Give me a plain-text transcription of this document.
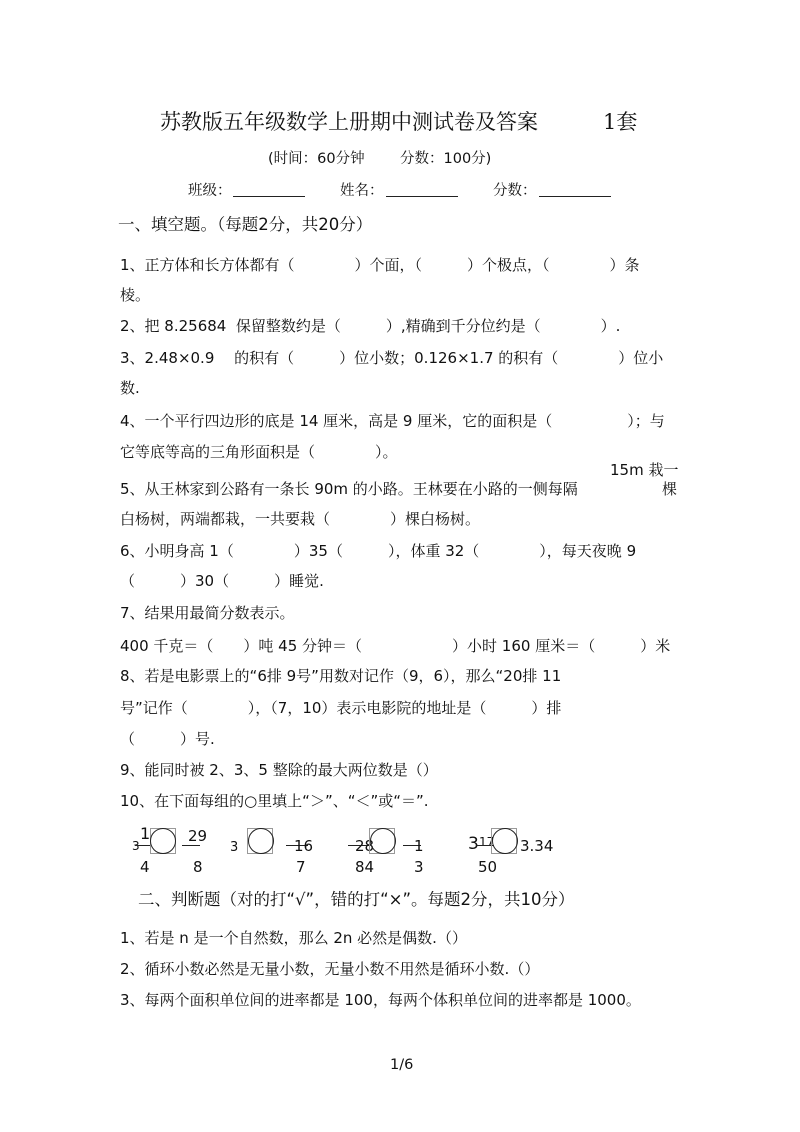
苏教版五年级数学上册期中测试卷及答案	1套
(时间：60分钟 分数：100分)
班级：	姓名：	分数：
一、填空题。（每题2分，共20分）
1、正方体和长方体都有（　　　　）个面，（　　　）个极点，（　　　　）条
棱。
2、把 8.25684  保留整数约是（　　　）,精确到千分位约是（　　　　）.
3、2.48×0.9　 的积有（　　　）位小数；0.126×1.7 的积有（　　　　）位小
数.
4、一个平行四边形的底是 14 厘米，高是 9 厘米，它的面积是（　　　　　）；与
它等底等高的三角形面积是（　　　　）。
15m 栽一
5、从王林家到公路有一条长 90m 的小路。王林要在小路的一侧每隔	棵
白杨树，两端都栽，一共要栽（　　　　）棵白杨树。
6、小明身高 1（　　　　）35（　　　），体重 32（　　　　），每天夜晚 9
（　　　）30（　　　）睡觉.
7、结果用最简分数表示。
400 千克＝（　　）吨 45 分钟＝（　　　　　　）小时 160 厘米＝（　　　）米
8、若是电影票上的“6排 9号”用数对记作（9，6），那么“20排 11
号”记作（　　　　），（7，10）表示电影院的地址是（　　　）排
（　　　）号.
9、能同时被 2、3、5 整除的最大两位数是（）
10、在下面每组的○里填上“＞”、“＜”或“＝”.
1
3
4
29
8
3	16
7
28
84
1
3
3 17
50
3.34
二、判断题（对的打“√”，错的打“×”。每题2分，共10分）
1、若是 n 是一个自然数，那么 2n 必然是偶数.（）
2、循环小数必然是无量小数，无量小数不用然是循环小数.（）
3、每两个面积单位间的进率都是 100，每两个体积单位间的进率都是 1000。
1/6
